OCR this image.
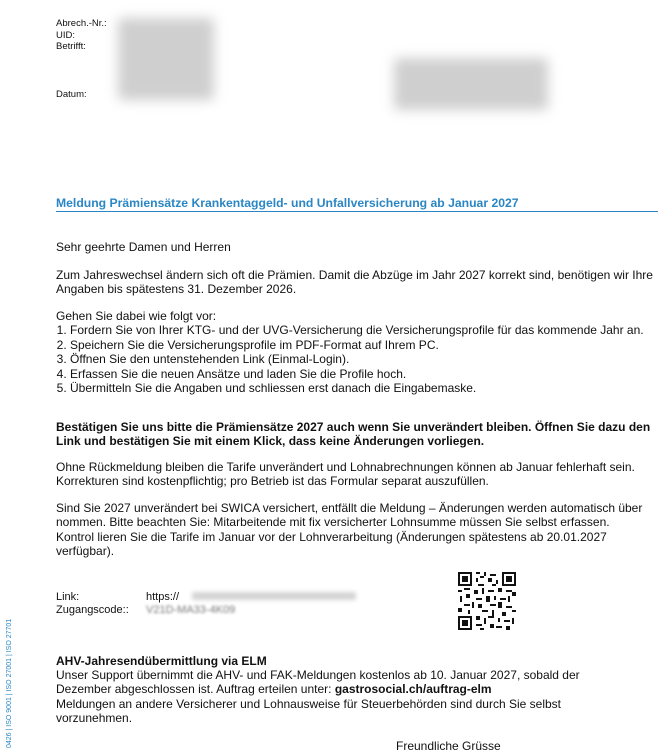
Abrech.-Nr.:
UID:
Betrifft:
Datum:
Meldung Prämiensätze Krankentaggeld- und Unfallversicherung ab Januar 2027
Sehr geehrte Damen und Herren
Zum Jahreswechsel ändern sich oft die Prämien. Damit die Abzüge im Jahr 2027 korrekt sind, benötigen wir Ihre Angaben bis spätestens 31. Dezember 2026.
Gehen Sie dabei wie folgt vor:
1. Fordern Sie von Ihrer KTG- und der UVG-Versicherung die Versicherungsprofile für das kommende Jahr an.
2. Speichern Sie die Versicherungsprofile im PDF-Format auf Ihrem PC.
3. Öffnen Sie den untenstehenden Link (Einmal-Login).
4. Erfassen Sie die neuen Ansätze und laden Sie die Profile hoch.
5. Übermitteln Sie die Angaben und schliessen erst danach die Eingabemaske.
Bestätigen Sie uns bitte die Prämiensätze 2027 auch wenn Sie unverändert bleiben. Öffnen Sie dazu den Link und bestätigen Sie mit einem Klick, dass keine Änderungen vorliegen.
Ohne Rückmeldung bleiben die Tarife unverändert und Lohnabrechnungen können ab Januar fehlerhaft sein. Korrekturen sind kostenpflichtig; pro Betrieb ist das Formular separat auszufüllen.
Sind Sie 2027 unverändert bei SWICA versichert, entfällt die Meldung – Änderungen werden automatisch über nommen. Bitte beachten Sie: Mitarbeitende mit fix versicherter Lohnsumme müssen Sie selbst erfassen. Kontrol lieren Sie die Tarife im Januar vor der Lohnverarbeitung (Änderungen spätestens ab 20.01.2027 verfügbar).
Link:	https://
Zugangscode:: V21D-MA33-4K09
0426 | ISO 9001 | ISO 27001 | ISO 27701	AHV-Jahresendübermittlung via ELM
Unser Support übernimmt die AHV- und FAK-Meldungen kostenlos ab 10. Januar 2027, sobald der Dezember abgeschlossen ist. Auftrag erteilen unter: gastrosocial.ch/auftrag-elm
Meldungen an andere Versicherer und Lohnausweise für Steuerbehörden sind durch Sie selbst vorzunehmen.
Freundliche Grüsse
